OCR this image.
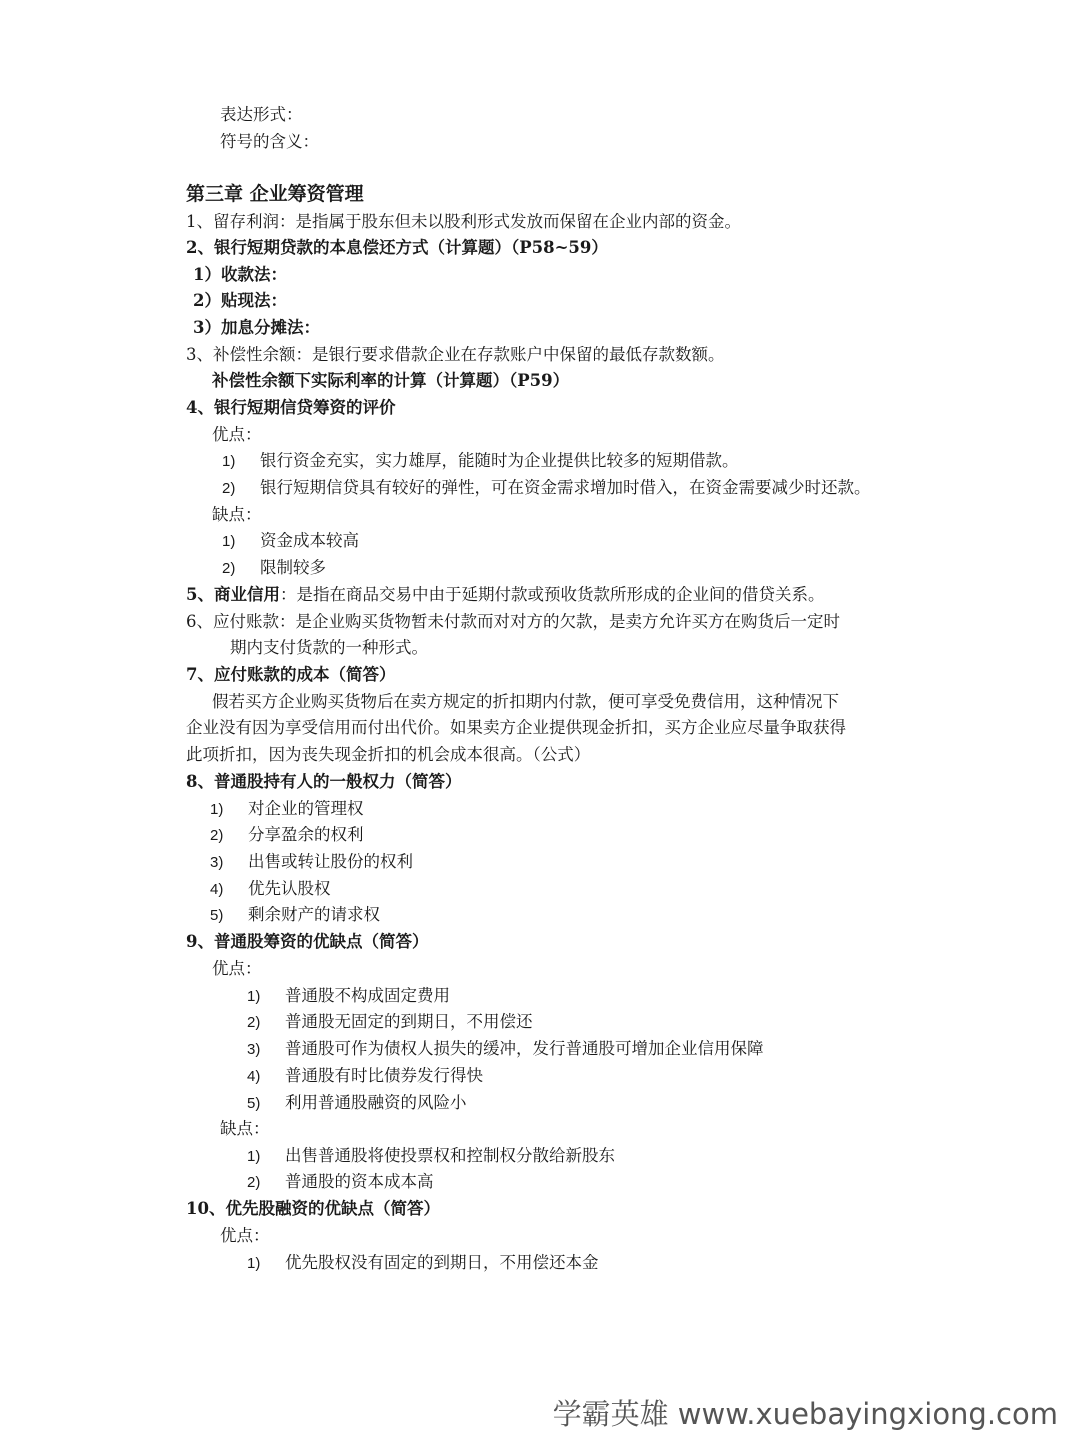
表达形式：
符号的含义：
第三章 企业筹资管理
1、留存利润：是指属于股东但未以股利形式发放而保留在企业内部的资金。
2、银行短期贷款的本息偿还方式（计算题）（P58~59）
1）收款法：
2）贴现法：
3）加息分摊法：
3、补偿性余额：是银行要求借款企业在存款账户中保留的最低存款数额。
补偿性余额下实际利率的计算（计算题）（P59）
4、银行短期信贷筹资的评价
优点：
1) 银行资金充实，实力雄厚，能随时为企业提供比较多的短期借款。
2) 银行短期信贷具有较好的弹性，可在资金需求增加时借入，在资金需要减少时还款。
缺点：
1) 资金成本较高
2) 限制较多
5、商业信用：是指在商品交易中由于延期付款或预收货款所形成的企业间的借贷关系。
6、应付账款：是企业购买货物暂未付款而对对方的欠款，是卖方允许买方在购货后一定时
期内支付货款的一种形式。
7、应付账款的成本（简答）
假若买方企业购买货物后在卖方规定的折扣期内付款，便可享受免费信用，这种情况下
企业没有因为享受信用而付出代价。如果卖方企业提供现金折扣，买方企业应尽量争取获得
此项折扣，因为丧失现金折扣的机会成本很高。（公式）
8、普通股持有人的一般权力（简答）
1) 对企业的管理权
2) 分享盈余的权利
3) 出售或转让股份的权利
4) 优先认股权
5) 剩余财产的请求权
9、普通股筹资的优缺点（简答）
优点：
1) 普通股不构成固定费用
2) 普通股无固定的到期日，不用偿还
3) 普通股可作为债权人损失的缓冲，发行普通股可增加企业信用保障
4) 普通股有时比债券发行得快
5) 利用普通股融资的风险小
缺点：
1) 出售普通股将使投票权和控制权分散给新股东
2) 普通股的资本成本高
10、优先股融资的优缺点（简答）
优点：
1) 优先股权没有固定的到期日，不用偿还本金
学霸英雄 www.xuebayingxiong.com
